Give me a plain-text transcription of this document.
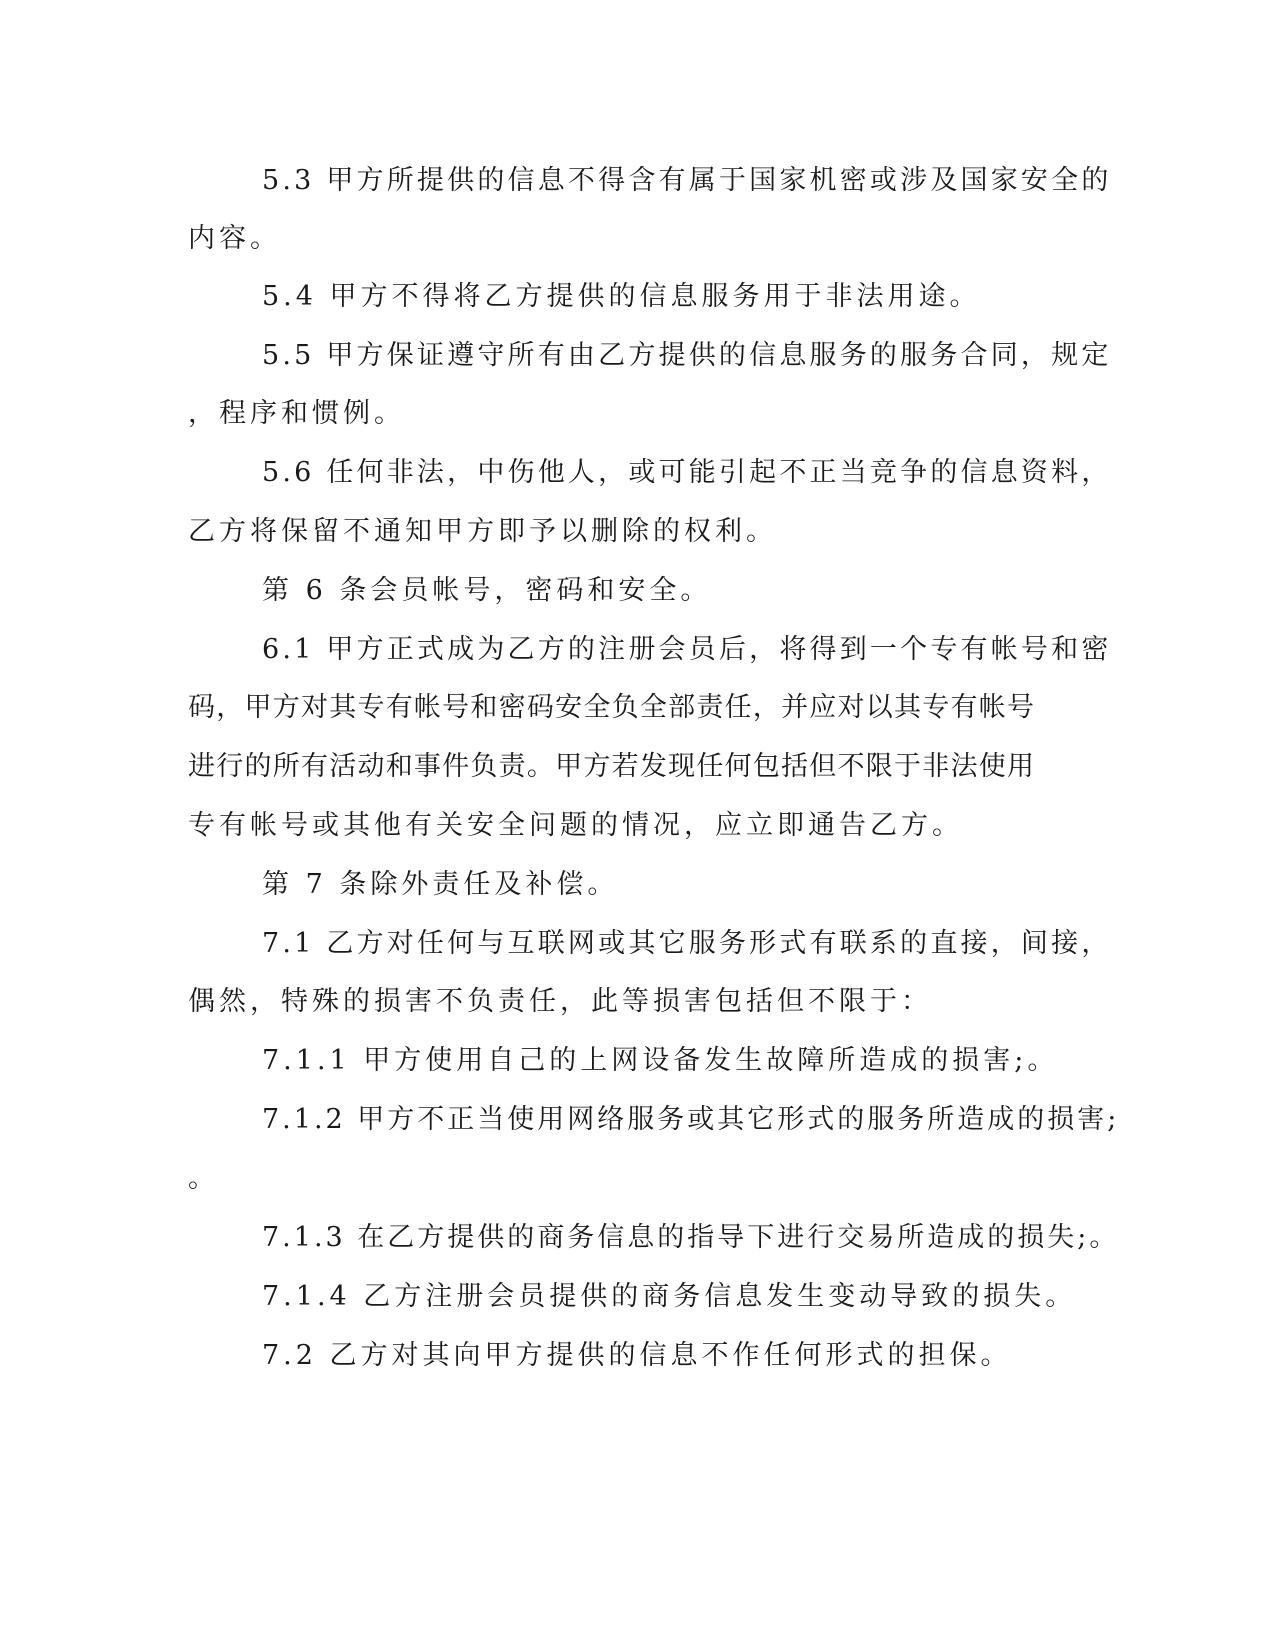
5.3 甲方所提供的信息不得含有属于国家机密或涉及国家安全的

内容。

5.4 甲方不得将乙方提供的信息服务用于非法用途。

5.5 甲方保证遵守所有由乙方提供的信息服务的服务合同，规定

，程序和惯例。

5.6 任何非法，中伤他人，或可能引起不正当竞争的信息资料，

乙方将保留不通知甲方即予以删除的权利。

第 6 条会员帐号，密码和安全。

6.1 甲方正式成为乙方的注册会员后，将得到一个专有帐号和密

码，甲方对其专有帐号和密码安全负全部责任，并应对以其专有帐号

进行的所有活动和事件负责。甲方若发现任何包括但不限于非法使用

专有帐号或其他有关安全问题的情况，应立即通告乙方。

第 7 条除外责任及补偿。

7.1 乙方对任何与互联网或其它服务形式有联系的直接，间接，

偶然，特殊的损害不负责任，此等损害包括但不限于：

7.1.1 甲方使用自己的上网设备发生故障所造成的损害;。

7.1.2 甲方不正当使用网络服务或其它形式的服务所造成的损害;

。

7.1.3 在乙方提供的商务信息的指导下进行交易所造成的损失;。

7.1.4 乙方注册会员提供的商务信息发生变动导致的损失。

7.2 乙方对其向甲方提供的信息不作任何形式的担保。
